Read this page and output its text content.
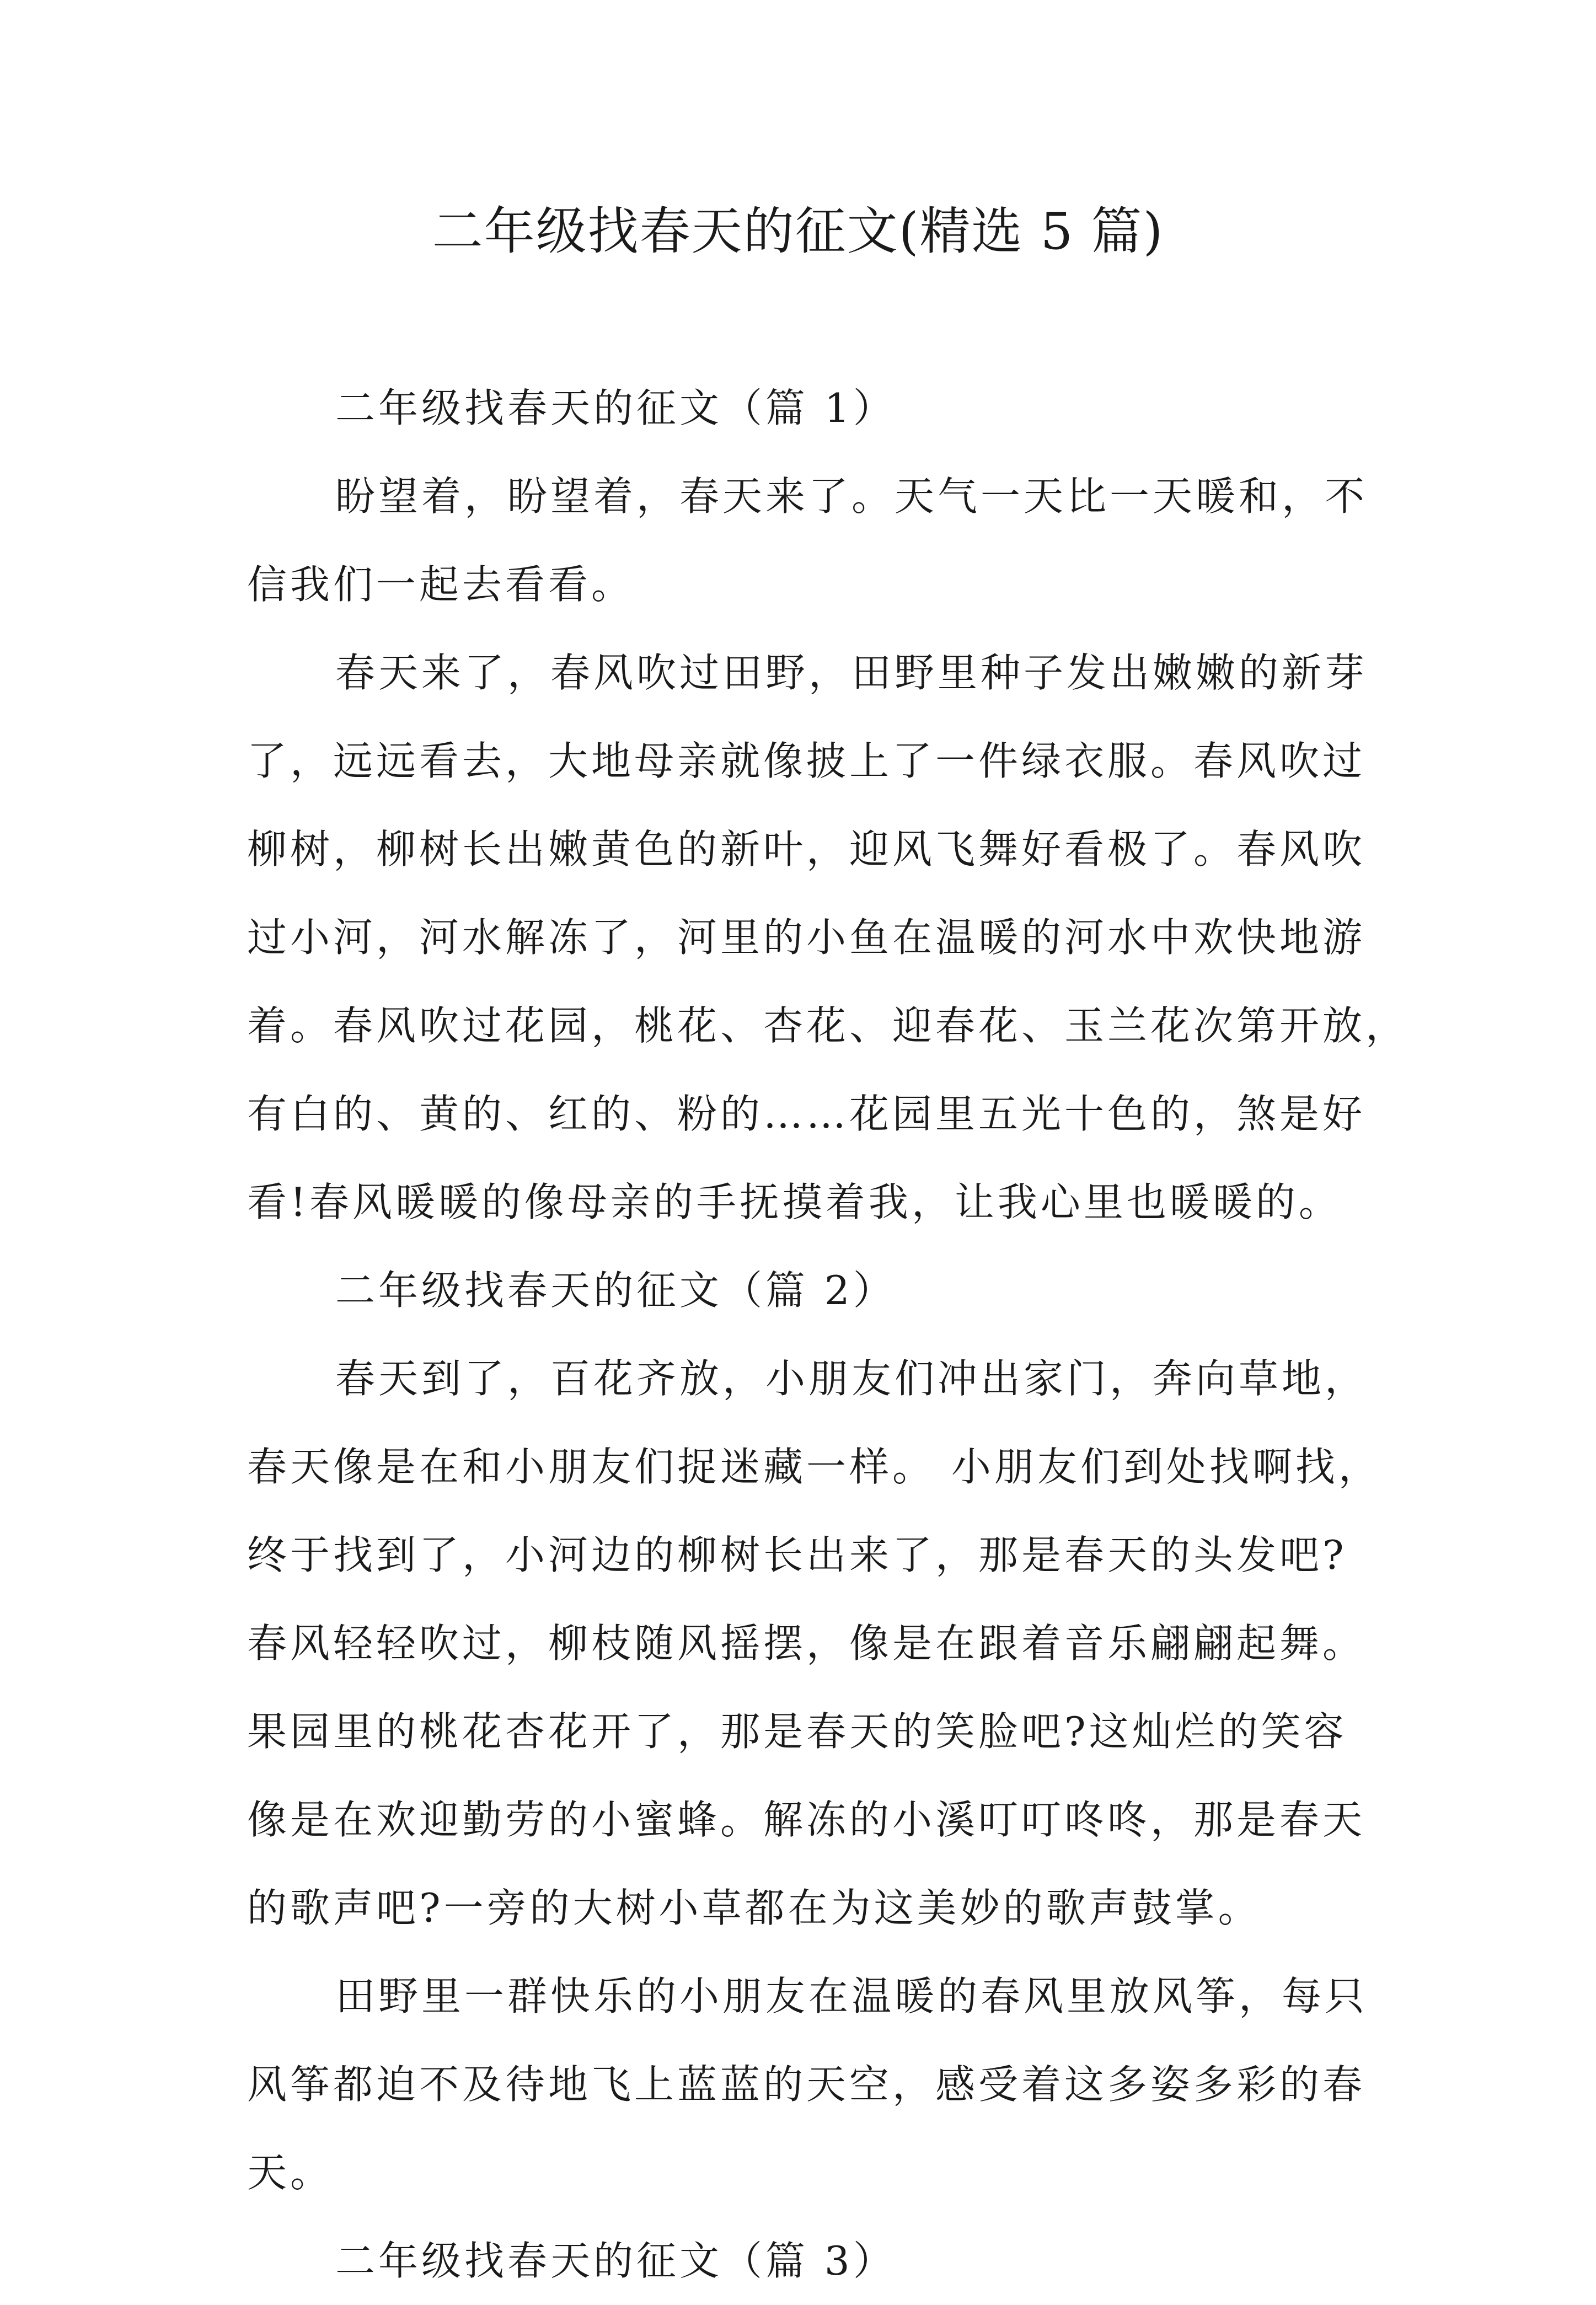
二年级找春天的征文(精选 5 篇)
二年级找春天的征文（篇 1）
盼望着，盼望着，春天来了。天气一天比一天暖和，不
信我们一起去看看。
春天来了，春风吹过田野，田野里种子发出嫩嫩的新芽
了，远远看去，大地母亲就像披上了一件绿衣服。春风吹过
柳树，柳树长出嫩黄色的新叶，迎风飞舞好看极了。春风吹
过小河，河水解冻了，河里的小鱼在温暖的河水中欢快地游
着。春风吹过花园，桃花、杏花、迎春花、玉兰花次第开放，
有白的、黄的、红的、粉的……花园里五光十色的，煞是好
看!春风暖暖的像母亲的手抚摸着我，让我心里也暖暖的。
二年级找春天的征文（篇 2）
春天到了，百花齐放，小朋友们冲出家门，奔向草地，
春天像是在和小朋友们捉迷藏一样。 小朋友们到处找啊找，
终于找到了，小河边的柳树长出来了，那是春天的头发吧?
春风轻轻吹过，柳枝随风摇摆，像是在跟着音乐翩翩起舞。
果园里的桃花杏花开了，那是春天的笑脸吧?这灿烂的笑容
像是在欢迎勤劳的小蜜蜂。解冻的小溪叮叮咚咚，那是春天
的歌声吧?一旁的大树小草都在为这美妙的歌声鼓掌。
田野里一群快乐的小朋友在温暖的春风里放风筝，每只
风筝都迫不及待地飞上蓝蓝的天空，感受着这多姿多彩的春
天。
二年级找春天的征文（篇 3）
